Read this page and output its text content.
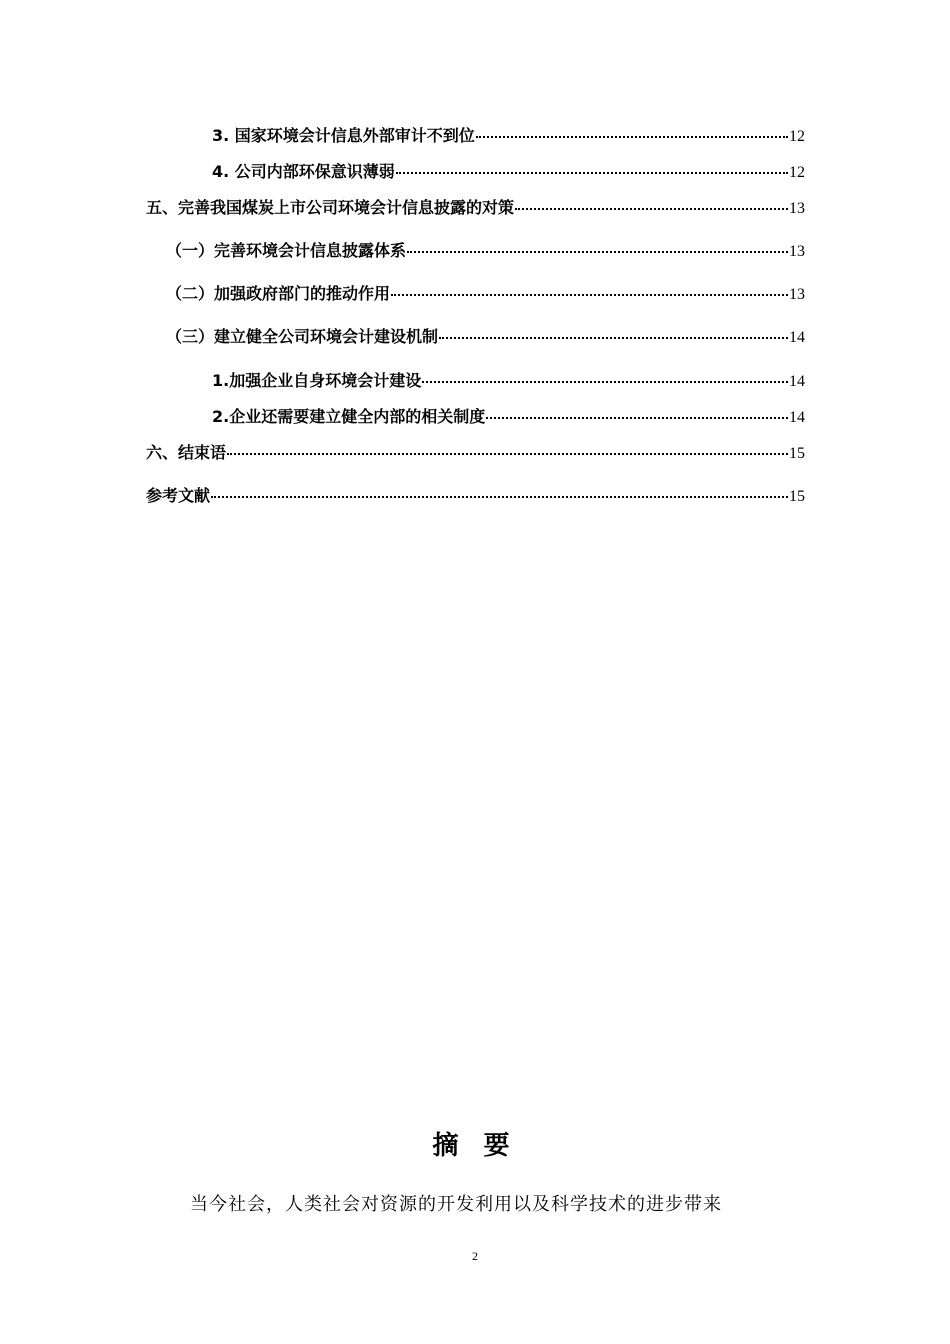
3. 国家环境会计信息外部审计不到位	12
4. 公司内部环保意识薄弱	12
五、完善我国煤炭上市公司环境会计信息披露的对策	13
（一）完善环境会计信息披露体系	13
（二）加强政府部门的推动作用	13
（三）建立健全公司环境会计建设机制	14
1.加强企业自身环境会计建设	14
2.企业还需要建立健全内部的相关制度	14
六、结束语	15
参考文献	15
摘 要
当今社会，人类社会对资源的开发利用以及科学技术的进步带来
2
